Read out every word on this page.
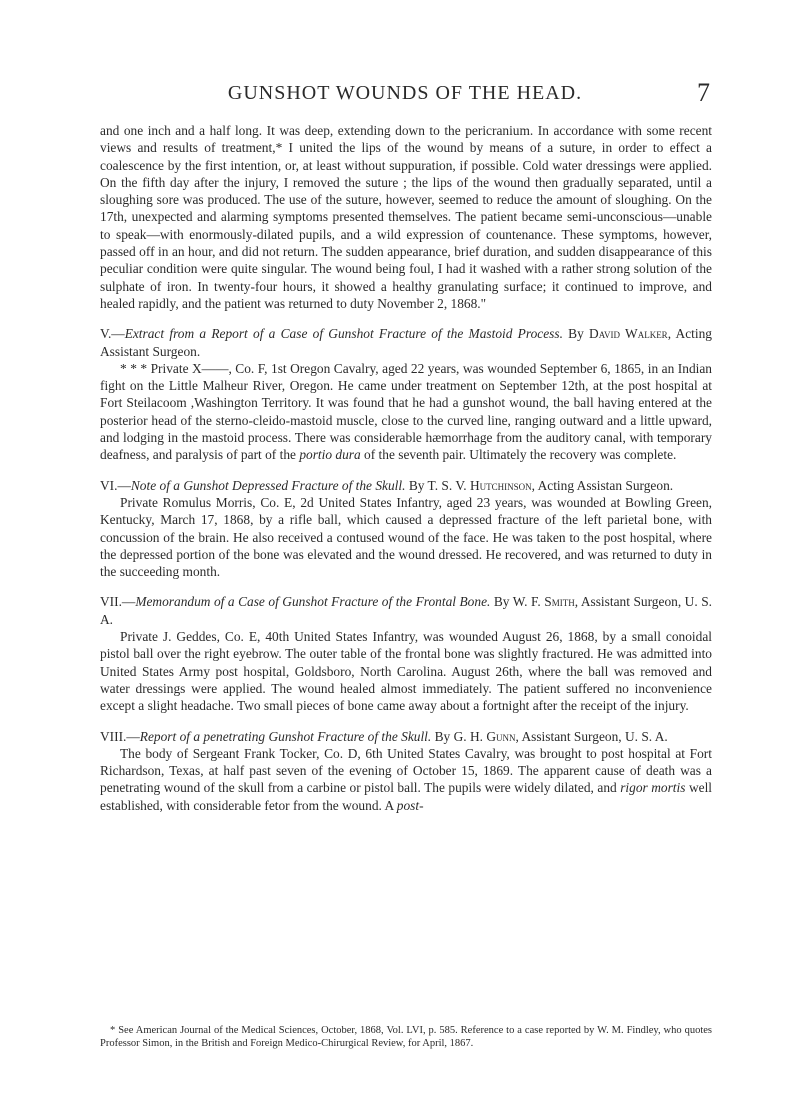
GUNSHOT WOUNDS OF THE HEAD.	7

and one inch and a half long. It was deep, extending down to the pericranium. In accordance with some recent views and results of treatment,* I united the lips of the wound by means of a suture, in order to effect a coalescence by the first intention, or, at least without suppuration, if possible. Cold water dressings were applied. On the fifth day after the injury, I removed the suture ; the lips of the wound then gradually separated, until a sloughing sore was produced. The use of the suture, however, seemed to reduce the amount of sloughing. On the 17th, unexpected and alarming symptoms presented themselves. The patient became semi-unconscious—unable to speak—with enormously-dilated pupils, and a wild expression of countenance. These symptoms, however, passed off in an hour, and did not return. The sudden appearance, brief duration, and sudden disappearance of this peculiar condition were quite singular. The wound being foul, I had it washed with a rather strong solution of the sulphate of iron. In twenty-four hours, it showed a healthy granulating surface; it continued to improve, and healed rapidly, and the patient was returned to duty November 2, 1868."

V.—Extract from a Report of a Case of Gunshot Fracture of the Mastoid Process. By David Walker, Acting Assistant Surgeon.

* * * Private X——, Co. F, 1st Oregon Cavalry, aged 22 years, was wounded September 6, 1865, in an Indian fight on the Little Malheur River, Oregon. He came under treatment on September 12th, at the post hospital at Fort Steilacoom ,Washington Territory. It was found that he had a gunshot wound, the ball having entered at the posterior head of the sterno-cleido-mastoid muscle, close to the curved line, ranging outward and a little upward, and lodging in the mastoid process. There was considerable hæmorrhage from the auditory canal, with temporary deafness, and paralysis of part of the portio dura of the seventh pair. Ultimately the recovery was complete.

VI.—Note of a Gunshot Depressed Fracture of the Skull. By T. S. V. Hutchinson, Acting Assistan Surgeon.

Private Romulus Morris, Co. E, 2d United States Infantry, aged 23 years, was wounded at Bowling Green, Kentucky, March 17, 1868, by a rifle ball, which caused a depressed fracture of the left parietal bone, with concussion of the brain. He also received a contused wound of the face. He was taken to the post hospital, where the depressed portion of the bone was elevated and the wound dressed. He recovered, and was returned to duty in the succeeding month.

VII.—Memorandum of a Case of Gunshot Fracture of the Frontal Bone. By W. F. Smith, Assistant Surgeon, U. S. A.

Private J. Geddes, Co. E, 40th United States Infantry, was wounded August 26, 1868, by a small conoidal pistol ball over the right eyebrow. The outer table of the frontal bone was slightly fractured. He was admitted into United States Army post hospital, Goldsboro, North Carolina. August 26th, where the ball was removed and water dressings were applied. The wound healed almost immediately. The patient suffered no inconvenience except a slight headache. Two small pieces of bone came away about a fortnight after the receipt of the injury.

VIII.—Report of a penetrating Gunshot Fracture of the Skull. By G. H. Gunn, Assistant Surgeon, U. S. A.

The body of Sergeant Frank Tocker, Co. D, 6th United States Cavalry, was brought to post hospital at Fort Richardson, Texas, at half past seven of the evening of October 15, 1869. The apparent cause of death was a penetrating wound of the skull from a carbine or pistol ball. The pupils were widely dilated, and rigor mortis well established, with considerable fetor from the wound. A post-

* See American Journal of the Medical Sciences, October, 1868, Vol. LVI, p. 585. Reference to a case reported by W. M. Findley, who quotes Professor Simon, in the British and Foreign Medico-Chirurgical Review, for April, 1867.
